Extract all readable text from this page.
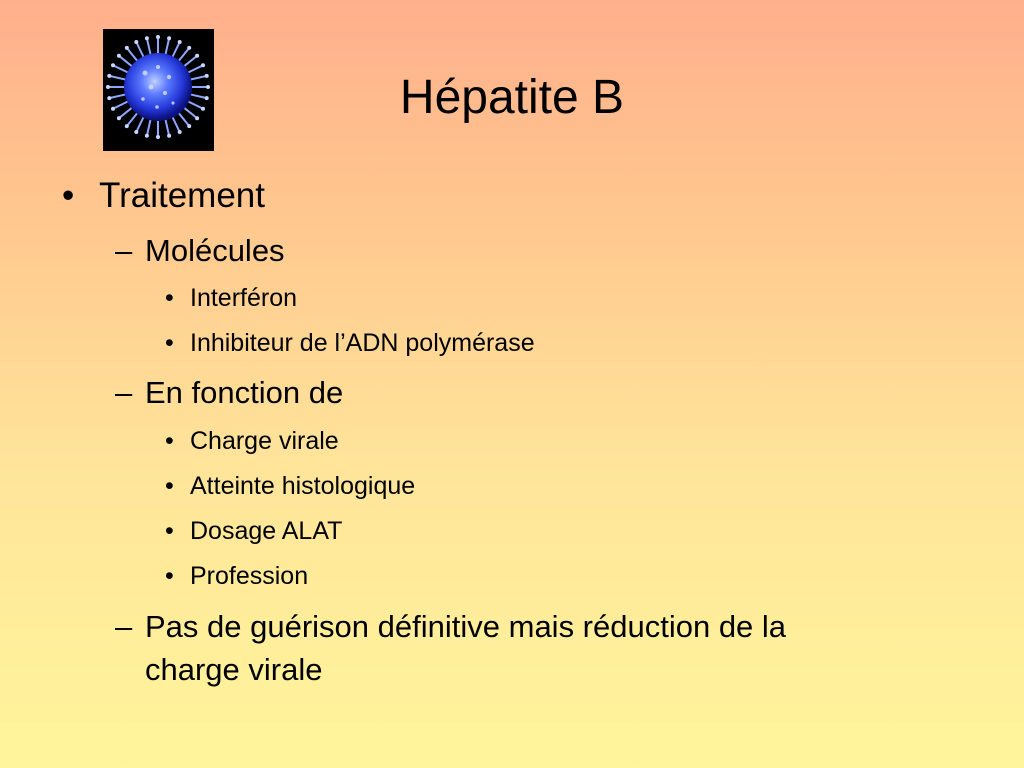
Hépatite B
• Traitement
– Molécules
• Interféron
• Inhibiteur de l’ADN polymérase
– En fonction de
• Charge virale
• Atteinte histologique
• Dosage ALAT
• Profession
– Pas de guérison définitive mais réduction de la
charge virale
